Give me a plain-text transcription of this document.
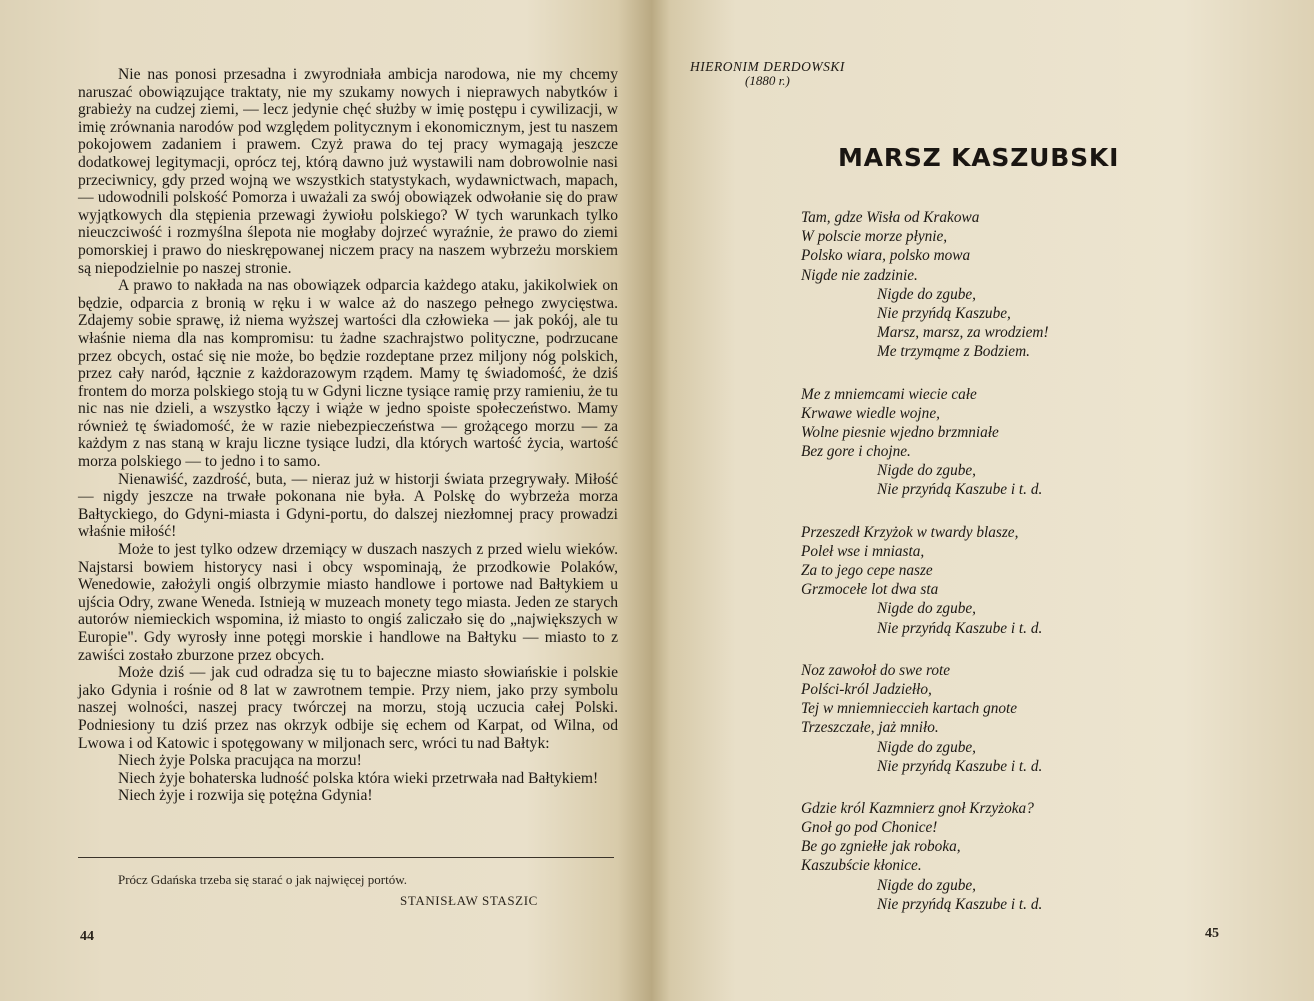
Nie nas ponosi przesadna i zwyrodniała ambicja narodowa, nie my chcemy naruszać obowiązujące traktaty, nie my szukamy nowych i nieprawych nabytków i grabieży na cudzej ziemi, — lecz jedynie chęć służby w imię postępu i cywilizacji, w imię zrównania narodów pod względem politycznym i ekonomicznym, jest tu naszem pokojowem zadaniem i prawem. Czyż prawa do tej pracy wymagają jeszcze dodatkowej legitymacji, oprócz tej, którą dawno już wystawili nam dobrowolnie nasi przeciwnicy, gdy przed wojną we wszystkich statystykach, wydawnictwach, mapach, — udowodnili polskość Pomorza i uważali za swój obowiązek odwołanie się do praw wyjątkowych dla stępienia przewagi żywiołu polskiego? W tych warunkach tylko nieuczciwość i rozmyślna ślepota nie mogłaby dojrzeć wyraźnie, że prawo do ziemi pomorskiej i prawo do nieskrępowanej niczem pracy na naszem wybrzeżu morskiem są niepodzielnie po naszej stronie.

A prawo to nakłada na nas obowiązek odparcia każdego ataku, jakikolwiek on będzie, odparcia z bronią w ręku i w walce aż do naszego pełnego zwycięstwa. Zdajemy sobie sprawę, iż niema wyższej wartości dla człowieka — jak pokój, ale tu właśnie niema dla nas kompromisu: tu żadne szachrajstwo polityczne, podrzucane przez obcych, ostać się nie może, bo będzie rozdeptane przez miljony nóg polskich, przez cały naród, łącznie z każdorazowym rządem. Mamy tę świadomość, że dziś frontem do morza polskiego stoją tu w Gdyni liczne tysiące ramię przy ramieniu, że tu nic nas nie dzieli, a wszystko łączy i wiąże w jedno spoiste społeczeństwo. Mamy również tę świadomość, że w razie niebezpieczeństwa — grożącego morzu — za każdym z nas staną w kraju liczne tysiące ludzi, dla których wartość życia, wartość morza polskiego — to jedno i to samo.

Nienawiść, zazdrość, buta, — nieraz już w historji świata przegrywały. Miłość — nigdy jeszcze na trwałe pokonana nie była. A Polskę do wybrzeża morza Bałtyckiego, do Gdyni-miasta i Gdyni-portu, do dalszej niezłomnej pracy prowadzi właśnie miłość!

Może to jest tylko odzew drzemiący w duszach naszych z przed wielu wieków. Najstarsi bowiem historycy nasi i obcy wspominają, że przodkowie Polaków, Wenedowie, założyli ongiś olbrzymie miasto handlowe i portowe nad Bałtykiem u ujścia Odry, zwane Weneda. Istnieją w muzeach monety tego miasta. Jeden ze starych autorów niemieckich wspomina, iż miasto to ongiś zaliczało się do „największych w Europie". Gdy wyrosły inne potęgi morskie i handlowe na Bałtyku — miasto to z zawiści zostało zburzone przez obcych.

Może dziś — jak cud odradza się tu to bajeczne miasto słowiańskie i polskie jako Gdynia i rośnie od 8 lat w zawrotnem tempie. Przy niem, jako przy symbolu naszej wolności, naszej pracy twórczej na morzu, stoją uczucia całej Polski. Podniesiony tu dziś przez nas okrzyk odbije się echem od Karpat, od Wilna, od Lwowa i od Katowic i spotęgowany w miljonach serc, wróci tu nad Bałtyk:

Niech żyje Polska pracująca na morzu!

Niech żyje bohaterska ludność polska która wieki przetrwała nad Bałtykiem!

Niech żyje i rozwija się potężna Gdynia!

Prócz Gdańska trzeba się starać o jak najwięcej portów.
STANISŁAW STASZIC
44
HIERONIM DERDOWSKI
(1880 r.)
MARSZ KASZUBSKI
Tam, gdze Wisła od Krakowa
W polscie morze płynie,
Polsko wiara, polsko mowa
Nigde nie zadzinie.
Nigde do zgube,
Nie przyńdą Kaszube,
Marsz, marsz, za wrodziem!
Me trzymąme z Bodziem.
Me z mniemcami wiecie całe
Krwawe wiedle wojne,
Wolne piesnie wjedno brzmniałe
Bez gore i chojne.
Nigde do zgube,
Nie przyńdą Kaszube i t. d.
Przeszedł Krzyżok w twardy blasze,
Poleł wse i mniasta,
Za to jego cepe nasze
Grzmocełe lot dwa sta
Nigde do zgube,
Nie przyńdą Kaszube i t. d.
Noz zawołoł do swe rote
Polści-król Jadziełło,
Tej w mniemnieccieh kartach gnote
Trzeszczałe, jaż mniło.
Nigde do zgube,
Nie przyńdą Kaszube i t. d.
Gdzie król Kazmnierz gnoł Krzyżoka?
Gnoł go pod Chonice!
Be go zgniełłe jak roboka,
Kaszubście kłonice.
Nigde do zgube,
Nie przyńdą Kaszube i t. d.
45
